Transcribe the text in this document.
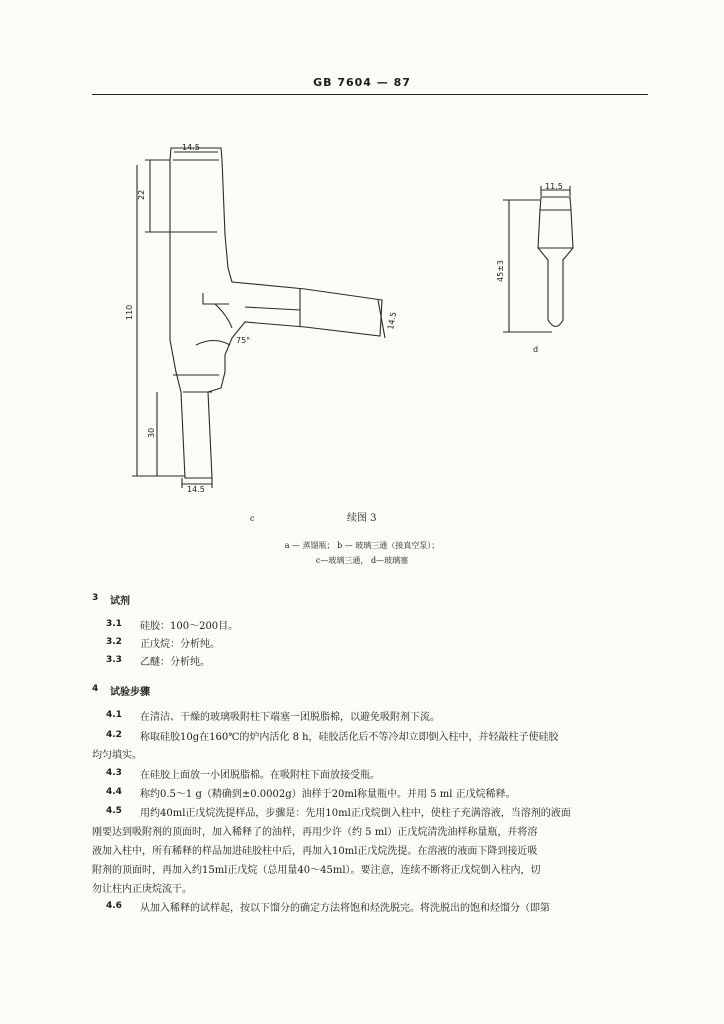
GB 7604 — 87
14.5
22
110
30
14.5
14.5
75°
11.5
45±3
d
c	续图 3
a — 蒸馏瓶； b — 玻璃三通（接真空泵）；
c—玻璃三通， d—玻璃塞
3 试剂
3.1 硅胶：100～200目。
3.2 正戊烷：分析纯。
3.3 乙醚：分析纯。
4 试验步骤
4.1 在清洁、干燥的玻璃吸附柱下端塞一团脱脂棉，以避免吸附剂下流。
4.2 称取硅胶10g在160℃的炉内活化 8 h，硅胶活化后不等冷却立即倒入柱中，并轻敲柱子使硅胶
均匀填实。
4.3 在硅胶上面放一小团脱脂棉。在吸附柱下面放接受瓶。
4.4 称约0.5～1 g（精确到±0.0002g）油样于20ml称量瓶中。并用 5 ml 正戊烷稀释。
4.5 用约40ml正戊烷洗提样品，步骤是：先用10ml正戊烷倒入柱中，使柱子充满溶液，当溶剂的液面
刚要达到吸附剂的顶面时，加入稀释了的油样，再用少许（约 5 ml）正戊烷清洗油样称量瓶，并将溶
液加入柱中，所有稀释的样品加进硅胶柱中后，再加入10ml正戊烷洗提。在溶液的液面下降到接近吸
附剂的顶面时，再加入约15ml正戊烷（总用量40～45ml）。要注意，连续不断将正戊烷倒入柱内，切
勿让柱内正庚烷流干。
4.6 从加入稀释的试样起，按以下馏分的确定方法将饱和烃洗脱完。将洗脱出的饱和烃馏分（即第
